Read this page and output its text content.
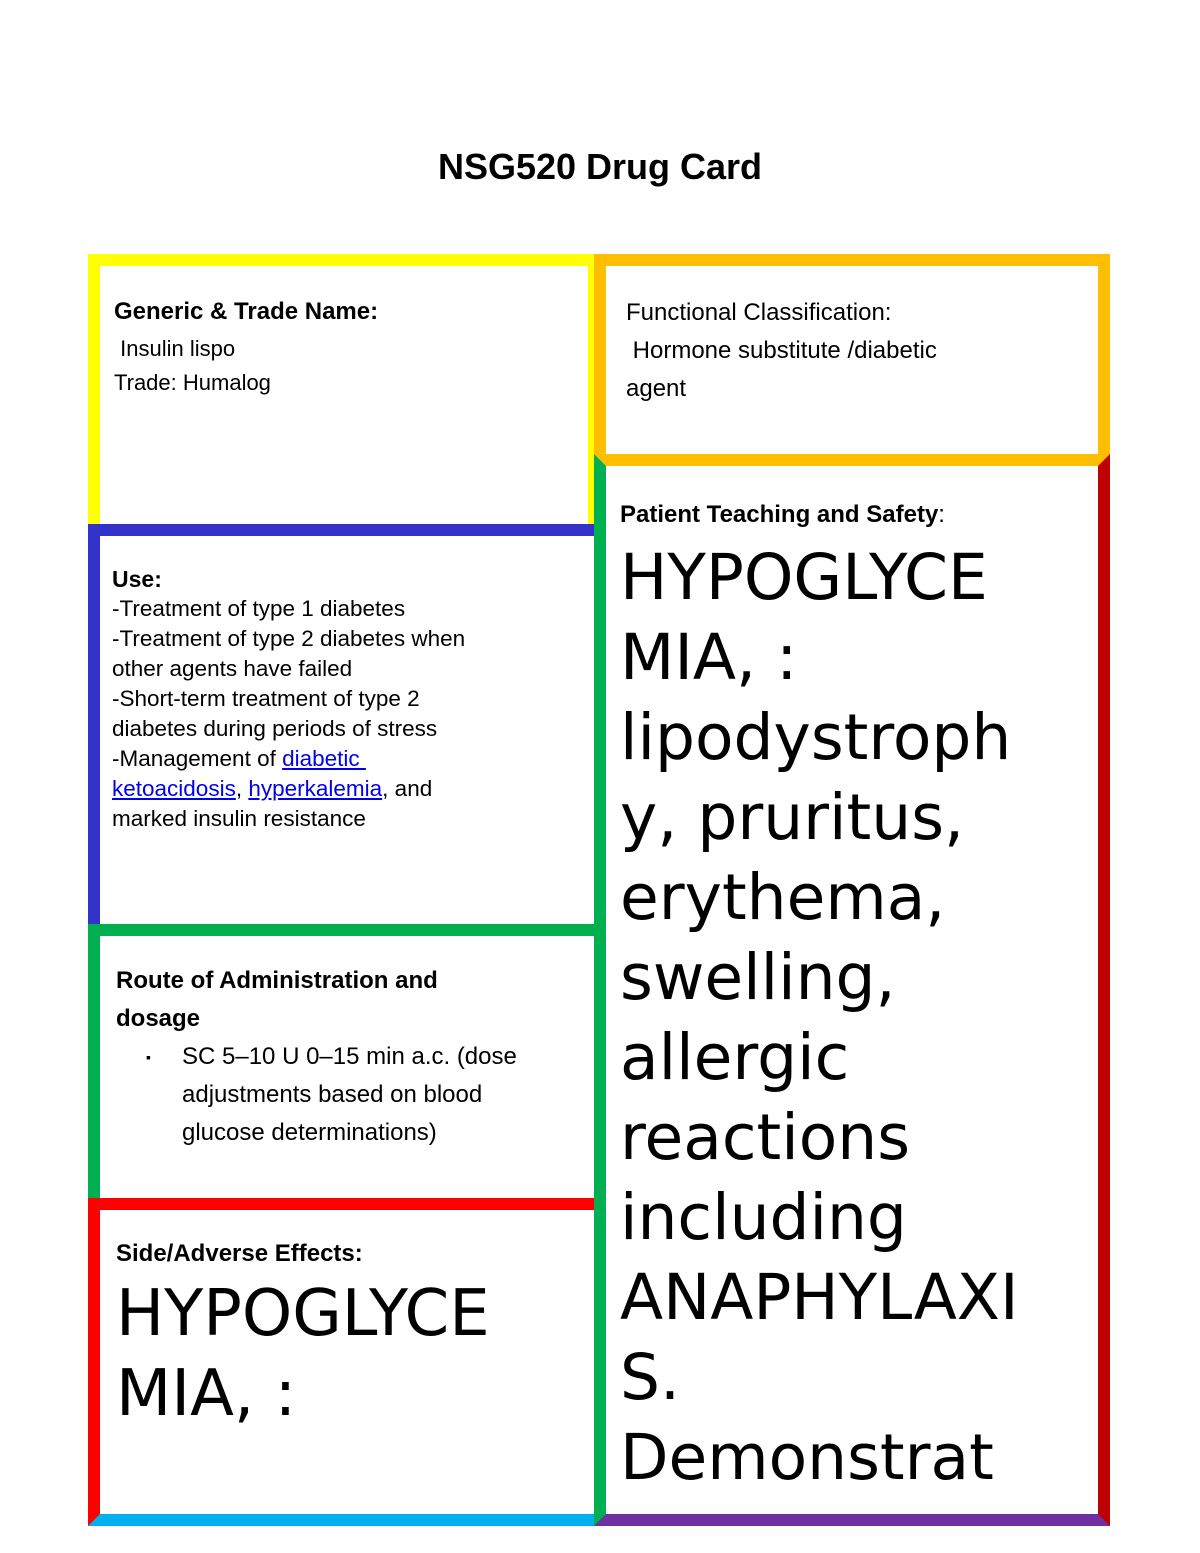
NSG520 Drug Card
Generic & Trade Name:
Insulin lispo
Trade: Humalog
Functional Classification:
Hormone substitute /diabetic
agent
Use:
-Treatment of type 1 diabetes
-Treatment of type 2 diabetes when
other agents have failed
-Short-term treatment of type 2
diabetes during periods of stress
-Management of diabetic
ketoacidosis, hyperkalemia, and
marked insulin resistance
Route of Administration and
dosage
▪ SC 5–10 U 0–15 min a.c. (dose
adjustments based on blood
glucose determinations)
Side/Adverse Effects:
HYPOGLYCE
MIA, :
Patient Teaching and Safety:
HYPOGLYCE
MIA, :
lipodystroph
y, pruritus,
erythema,
swelling,
allergic
reactions
including
ANAPHYLAXI
S.
Demonstrat
